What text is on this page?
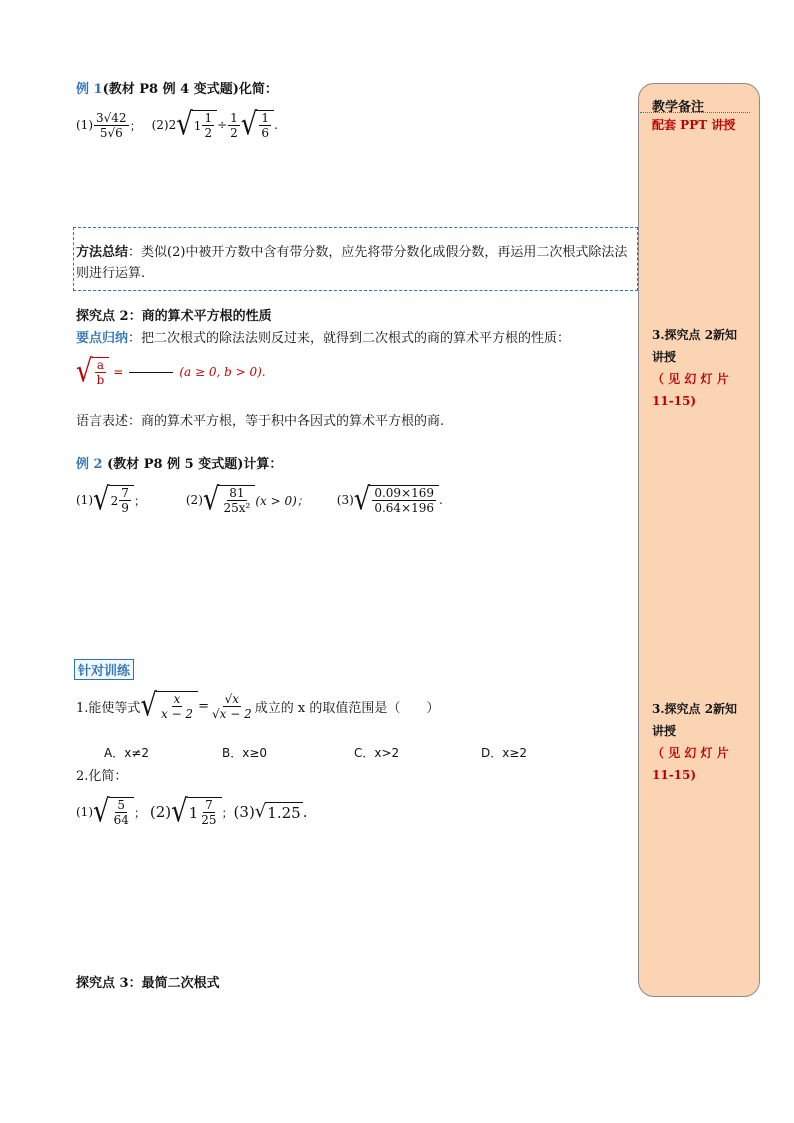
教学备注
配套 PPT 讲授
3.探究点 2新知
讲授
（ 见 幻 灯 片
11-15)
3.探究点 2新知
讲授
（ 见 幻 灯 片
11-15)
例 1(教材 P8 例 4 变式题)化简：
$(1) \frac{3√42}{5√6}$ ； (2)2 √ $1 \frac{1}{2} \div \frac{1}{2}$ √ $\frac{1}{6}$ .
方法总结：类似(2)中被开方数中含有带分数，应先将带分数化成假分数，再运用二次根式除法法则进行运算.
探究点 2：商的算术平方根的性质
要点归纳：把二次根式的除法法则反过来，就得到二次根式的商的算术平方根的性质：
√ $\frac{a}{b}$ =	(a ≥ 0, b > 0).
语言表述：商的算术平方根，等于积中各因式的算术平方根的商.
例 2 (教材 P8 例 5 变式题)计算：
(1) √ $2 \frac{7}{9}$ ；	(2) √ $\frac{81}{\text{25x²}} (x > 0)$； (3) √ $\frac{0.09\times 169}{0.64\times 196}$ .
针对训练
1.能使等式 √ $\frac{x}{x - 2} = \frac{√x}{√x - 2}$ 成立的 x 的取值范围是（　　）
A．x≠2	B．x≥0	C．x>2	D．x≥2
2.化简：
(1) √ $\frac{5}{64}$ ； (2) √ $1 \frac{7}{25}$ ； (3) √ 1.25 .
探究点 3：最简二次根式
